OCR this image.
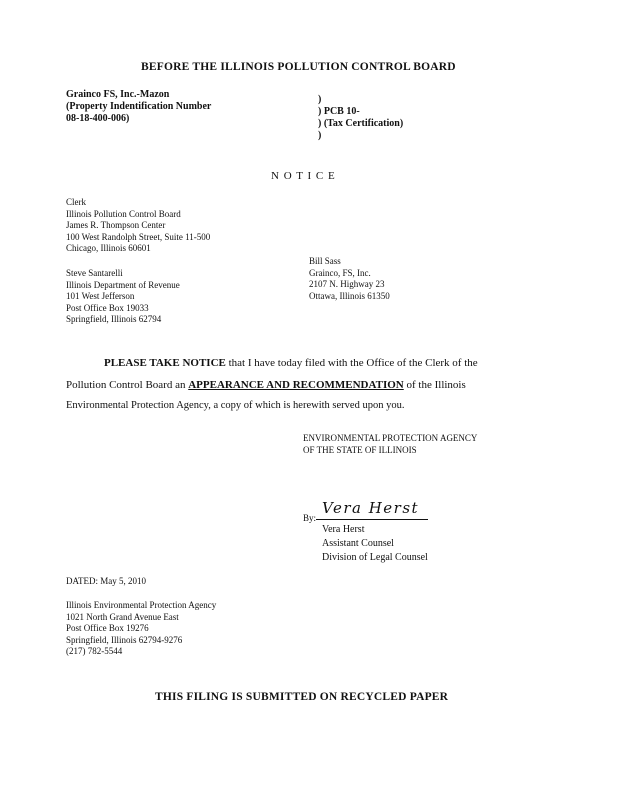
BEFORE THE ILLINOIS POLLUTION CONTROL BOARD
Grainco FS, Inc.-Mazon
(Property Indentification Number
08-18-400-006)
)
) PCB 10-
) (Tax Certification)
)
N O T I C E
Clerk
Illinois Pollution Control Board
James R. Thompson Center
100 West Randolph Street, Suite 11-500
Chicago, Illinois 60601
Steve Santarelli
Illinois Department of Revenue
101 West Jefferson
Post Office Box 19033
Springfield, Illinois 62794
Bill Sass
Grainco, FS, Inc.
2107 N. Highway 23
Ottawa, Illinois 61350
PLEASE TAKE NOTICE that I have today filed with the Office of the Clerk of the
Pollution Control Board an APPEARANCE AND RECOMMENDATION of the Illinois
Environmental Protection Agency, a copy of which is herewith served upon you.
ENVIRONMENTAL PROTECTION AGENCY
OF THE STATE OF ILLINOIS
By:
Vera Herst
Vera Herst
Assistant Counsel
Division of Legal Counsel
DATED: May 5, 2010
Illinois Environmental Protection Agency
1021 North Grand Avenue East
Post Office Box 19276
Springfield, Illinois 62794-9276
(217) 782-5544
THIS FILING IS SUBMITTED ON RECYCLED PAPER
